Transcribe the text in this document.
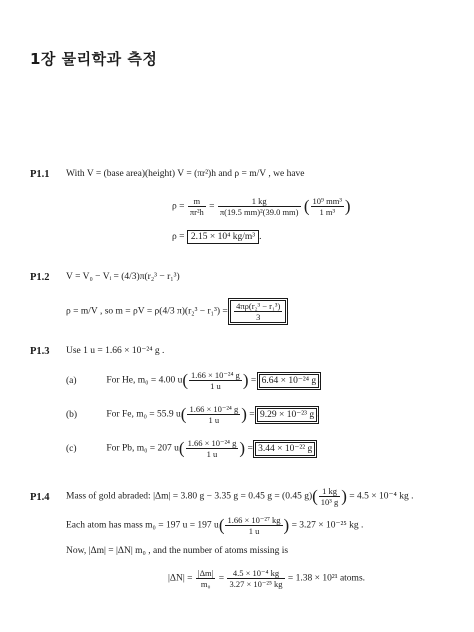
1장 물리학과 측정
P1.1 With V = (base area)(height) V = (πr²)h and ρ = m/V , we have
$\rho = \frac{m}{\text{πr²h}} = \frac{1 kg}{\text{π(19.5 mm)²(39.0 mm)}}$ ( $\frac{\text{10⁹ mm³}}{\text{1 m³}}$ )
ρ = 2.15 × 10⁴ kg/m³ .
P1.2 V = V₀ − Vᵢ = (4/3)π(r₂³ − r₁³)
ρ = m/V , so m = ρV = ρ(4/3 $\pi)(r_2^3 - r_1^3) = \frac{\text{4πρ(r₂³ − r₁³)}}{3}$ .
P1.3 Use 1 u = 1.66 × 10⁻²⁴ g .
(a)	For He, m₀ = 4.00 $u( \frac{\text{1.66 × 10⁻²⁴ g}}{1 u}$ ) = 6.64 × 10⁻²⁴ g .
(b)	For Fe, m₀ = 55.9 $u( \frac{\text{1.66 × 10⁻²⁴ g}}{1 u}$ ) = 9.29 × 10⁻²³ g .
(c)	For Pb, m₀ = 207 $u( \frac{\text{1.66 × 10⁻²⁴ g}}{1 u}$ ) = 3.44 × 10⁻²² g .
P1.4 Mass of gold abraded: |Δm| = 3.80 g − 3.35 g = 0.45 g = (0.45 $g)( \frac{1 kg}{\text{10³ g}}$ ) = 4.5 × 10⁻⁴ kg .
Each atom has mass m₀ = 197 u = 197 $u( \frac{\text{1.66 × 10⁻²⁷ kg}}{1 u}$ ) = 3.27 × 10⁻²⁵ kg .
Now, |Δm| = |ΔN| m₀ , and the number of atoms missing is
$|\Delta N| = \frac{|\Delta m|}{\text{m₀}} = \frac{\text{4.5 × 10⁻⁴ kg}}{\text{3.27 × 10⁻²⁵ kg}} = 1.38 \times 10^{21}$ atoms.
